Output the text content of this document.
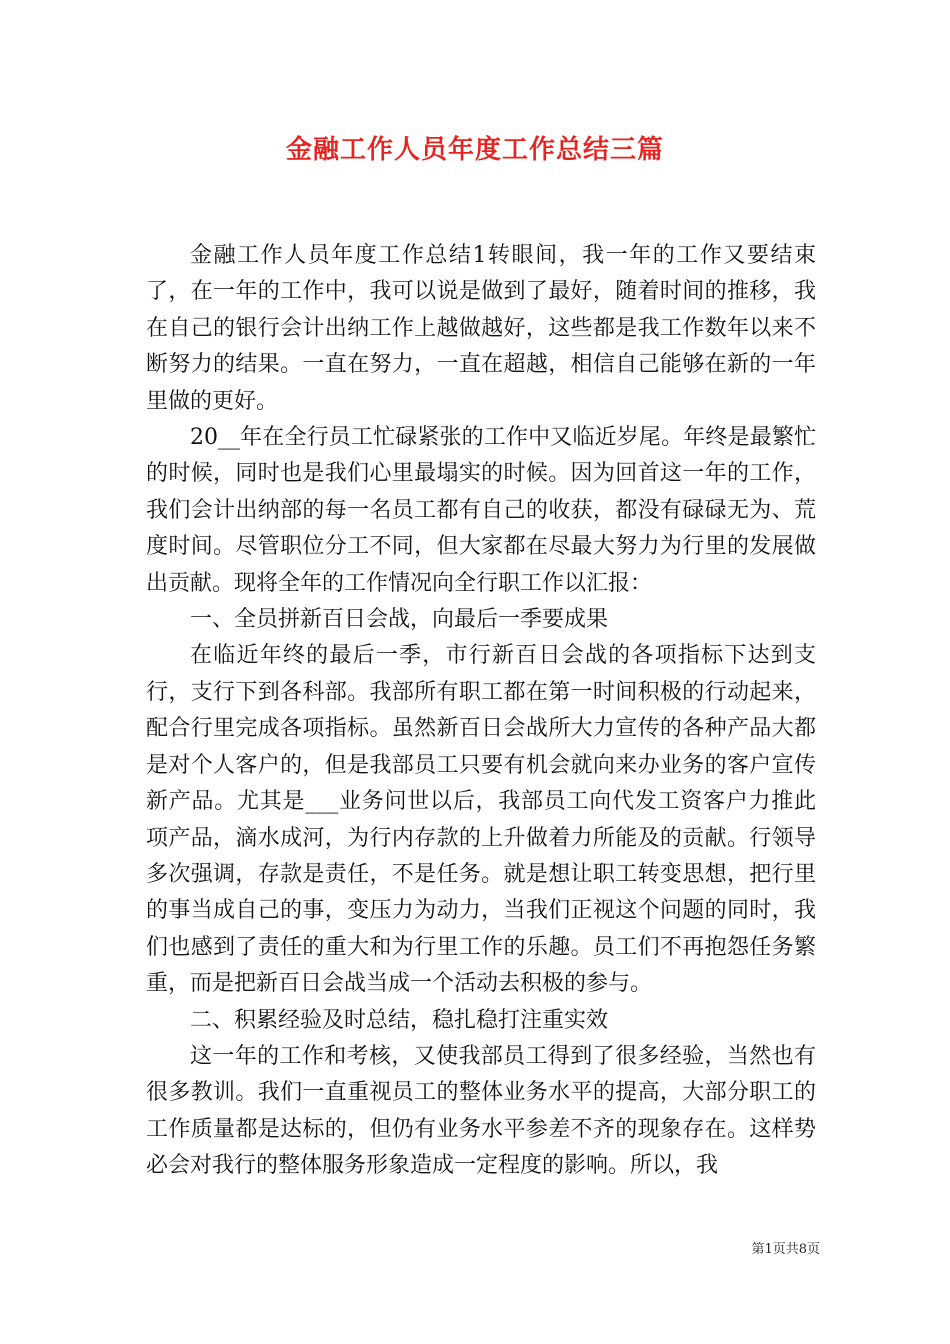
金融工作人员年度工作总结三篇

金融工作人员年度工作总结1转眼间，我一年的工作又要结束了，在一年的工作中，我可以说是做到了最好，随着时间的推移，我在自己的银行会计出纳工作上越做越好，这些都是我工作数年以来不断努力的结果。一直在努力，一直在超越，相信自己能够在新的一年里做的更好。

20__年在全行员工忙碌紧张的工作中又临近岁尾。年终是最繁忙的时候，同时也是我们心里最塌实的时候。因为回首这一年的工作，我们会计出纳部的每一名员工都有自己的收获，都没有碌碌无为、荒度时间。尽管职位分工不同，但大家都在尽最大努力为行里的发展做出贡献。现将全年的工作情况向全行职工作以汇报：

一、全员拼新百日会战，向最后一季要成果

在临近年终的最后一季，市行新百日会战的各项指标下达到支行，支行下到各科部。我部所有职工都在第一时间积极的行动起来，配合行里完成各项指标。虽然新百日会战所大力宣传的各种产品大都是对个人客户的，但是我部员工只要有机会就向来办业务的客户宣传新产品。尤其是___业务问世以后，我部员工向代发工资客户力推此项产品，滴水成河，为行内存款的上升做着力所能及的贡献。行领导多次强调，存款是责任，不是任务。就是想让职工转变思想，把行里的事当成自己的事，变压力为动力，当我们正视这个问题的同时，我们也感到了责任的重大和为行里工作的乐趣。员工们不再抱怨任务繁重，而是把新百日会战当成一个活动去积极的参与。

二、积累经验及时总结，稳扎稳打注重实效

这一年的工作和考核，又使我部员工得到了很多经验，当然也有很多教训。我们一直重视员工的整体业务水平的提高，大部分职工的工作质量都是达标的，但仍有业务水平参差不齐的现象存在。这样势必会对我行的整体服务形象造成一定程度的影响。所以，我

第1页共8页
